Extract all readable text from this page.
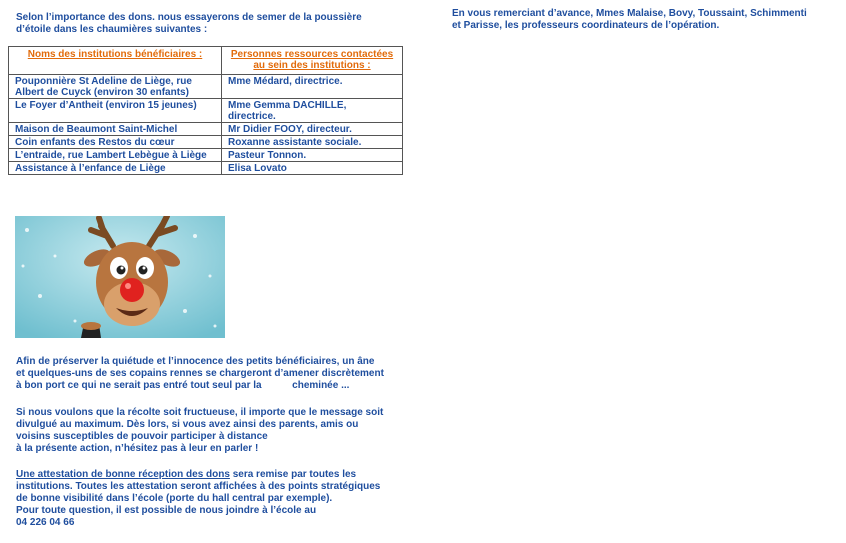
Selon l’importance des dons. nous essayerons de semer de la poussière

d’étoile dans les chaumières suivantes :

En vous remerciant d’avance, Mmes Malaise, Bovy, Toussaint, Schimmenti

et Parisse, les professeurs coordinateurs de l’opération.

Noms des institutions bénéficiaires :	Personnes ressources contactées au sein des institutions :
Pouponnière St Adeline de Liège, rue Albert de Cuyck (environ 30 enfants)	Mme Médard, directrice.
Le Foyer d’Antheit (environ 15 jeunes)	Mme Gemma DACHILLE, directrice.
Maison de Beaumont Saint-Michel	Mr Didier FOOY, directeur.
Coin enfants des Restos du cœur	Roxanne assistante sociale.
L’entraide, rue Lambert Lebègue à Liège	Pasteur Tonnon.
Assistance à l’enfance de Liège	Elisa Lovato

Afin de préserver la quiétude et l’innocence des petits bénéficiaires, un âne

et quelques-uns de ses copains rennes se chargeront d’amener discrètement

à bon port ce qui ne serait pas entré tout seul par la           cheminée ...

Si nous voulons que la récolte soit fructueuse, il importe que le message soit

divulgué au maximum. Dès lors, si vous avez ainsi des parents, amis ou

voisins susceptibles de pouvoir participer à distance

à la présente action, n’hésitez pas à leur en parler !

Une attestation de bonne réception des dons sera remise par toutes les

institutions. Toutes les attestation seront affichées à des points stratégiques

de bonne visibilité dans l’école (porte du hall central par exemple).

Pour toute question, il est possible de nous joindre à l’école au

04 226 04 66
